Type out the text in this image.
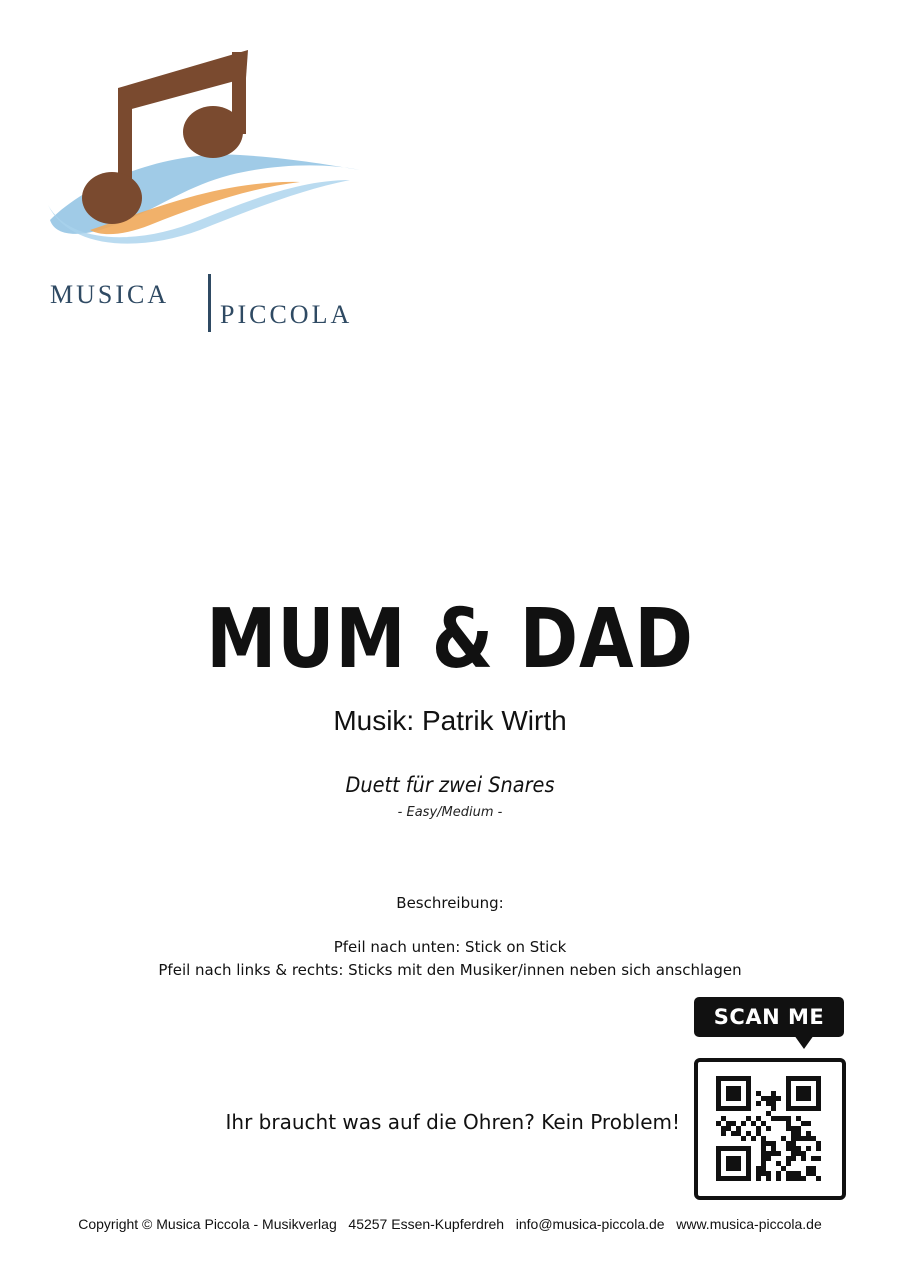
MUSICA
PICCOLA
MUM & DAD
Musik: Patrik Wirth
Duett für zwei Snares
- Easy/Medium -
Beschreibung:
Pfeil nach unten: Stick on Stick
Pfeil nach links & rechts: Sticks mit den Musiker/innen neben sich anschlagen
Ihr braucht was auf die Ohren? Kein Problem!
SCAN ME
Copyright © Musica Piccola - Musikverlag   45257 Essen-Kupferdreh   info@musica-piccola.de   www.musica-piccola.de
